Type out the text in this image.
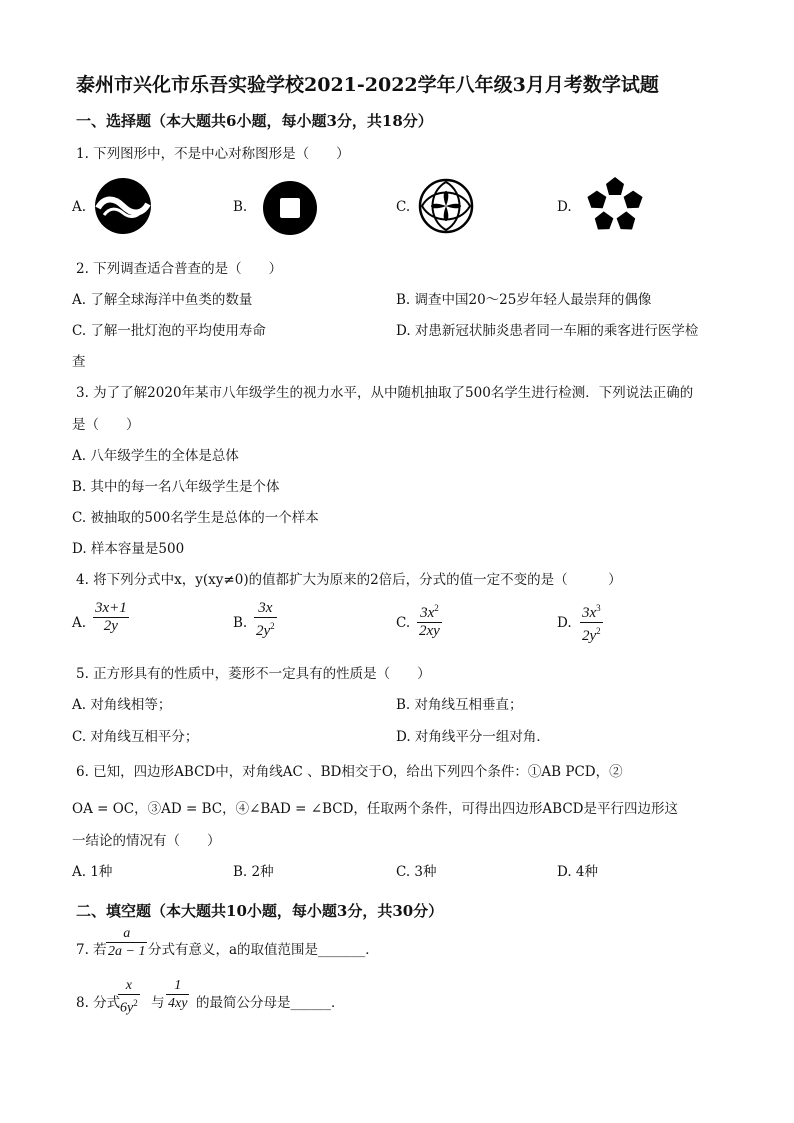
泰州市兴化市乐吾实验学校2021-2022学年八年级3月月考数学试题
一、选择题（本大题共6小题，每小题3分，共18分）
1. 下列图形中，不是中心对称图形是（　　）
A.	B.	C.	D.
2. 下列调查适合普查的是（　　）
A. 了解全球海洋中鱼类的数量	B. 调查中国20～25岁年轻人最崇拜的偶像
C. 了解一批灯泡的平均使用寿命	D. 对患新冠状肺炎患者同一车厢的乘客进行医学检
查
3. 为了了解2020年某市八年级学生的视力水平，从中随机抽取了500名学生进行检测．下列说法正确的
是（　　）
A. 八年级学生的全体是总体
B. 其中的每一名八年级学生是个体
C. 被抽取的500名学生是总体的一个样本
D. 样本容量是500
4. 将下列分式中x，y(xy≠0)的值都扩大为原来的2倍后，分式的值一定不变的是（　　　）
A. $\frac{3x+1}{2y}$	B. $\frac{3x}{2y^2}$	C. $\frac{3x^2}{2xy}$	D. $\frac{3x^3}{2y^2}$
5. 正方形具有的性质中，菱形不一定具有的性质是（　　）
A. 对角线相等；	B. 对角线互相垂直；
C. 对角线互相平分；	D. 对角线平分一组对角．
6. 已知，四边形ABCD中，对角线AC 、BD相交于O，给出下列四个条件：①AB PCD，②
OA = OC，③AD = BC，④∠BAD = ∠BCD，任取两个条件，可得出四边形ABCD是平行四边形这
一结论的情况有（　　）
A. 1种	B. 2种	C. 3种	D. 4种
二、填空题（本大题共10小题，每小题3分，共30分）
7. 若 $\frac{a}{2a - 1}$ 分式有意义，a的取值范围是_______．
8. 分式
$\frac{x}{6y^2}$ 与 $\frac{1}{4xy}$ 的最简公分母是______．
